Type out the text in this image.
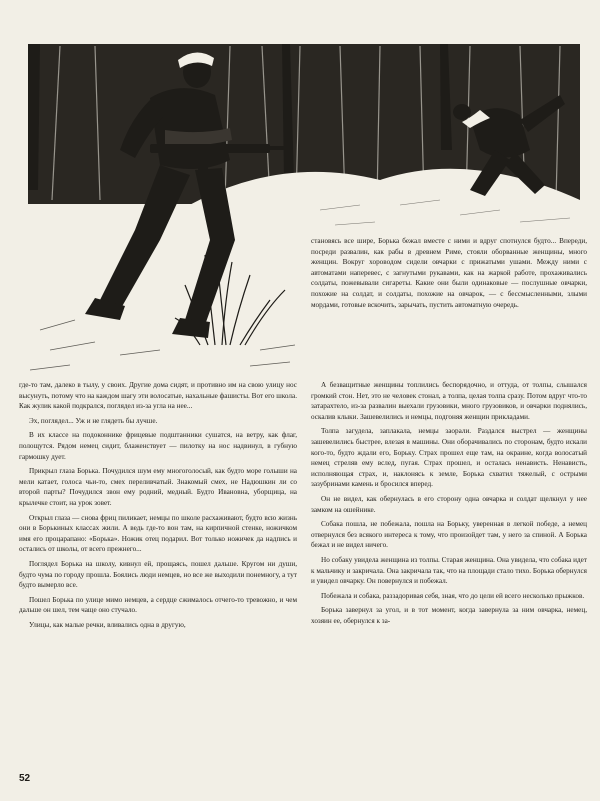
становясь все шире, Борька бежал вместе с ними и вдруг спотнулся будто... Впереди, посреди развалин, как рабы в древнем Риме, стояли оборванные женщины, много женщин. Вокруг хороводом сидели овчарки с прижатыми ушами. Между ними с автоматами наперевес, с загнутыми рукавами, как на жаркой работе, прохаживались солдаты, пожевывали сигареты. Какие они были одинаковые — послушные овчарки, похожие на солдат, и солдаты, похожие на овчарок, — с бессмысленными, злыми мордами, готовые вскочить, зарычать, пустить автоматную очередь.

где-то там, далеко в тылу, у своих. Другие дома сидят, и противно им на свою улицу нос высунуть, потому что на каждом шагу эти волосатые, нахальные фашисты. Вот его школа. Как жулик какой подкрался, поглядел из-за угла на нее...

Эх, поглядел... Уж и не глядеть бы лучше.

В их классе на подоконнике фрицевые подштанники сушатся, на ветру, как флаг, полощутся. Рядом немец сидит, блаженствует — пилотку на нос надвинул, в губную гармошку дует.

Прикрыл глаза Борька. Почудился шум ему многоголосый, как будто море голыши на мели катает, голоса чьи-то, смех переливчатый. Знакомый смех, не Надюшкин ли со второй парты? Почудился звон ему родний, медный. Будто Ивановна, уборщица, на крылечке стоит, на урок зовет.

Открыл глаза — снова фриц пиликает, немцы по школе расхаживают, будто всю жизнь они в Борькиных классах жили. А ведь где-то вон там, на кирпичной стенке, ножичком имя его процарапано: «Борька». Ножик отец подарил. Вот только ножичек да надпись и остались от школы, от всего прежнего...

Поглядел Борька на школу, кивнул ей, прощаясь, пошел дальше. Кругом ни души, будто чума по городу прошла. Боялись люди немцев, но все же выходили понемногу, а тут будто вымерло все.

Пошел Борька по улице мимо немцев, а сердце сжималось отчего-то тревожно, и чем дальше он шел, тем чаще оно стучало.

Улицы, как малые речки, вливались одна в другую,

А безващитные женщины топлились беспорядочно, и оттуда, от толпы, слышался громкий стон. Нет, это не человек стонал, а толпа, целая толпа сразу. Потом вдруг что-то затарахтело, из-за развалин выехали грузовики, много грузовиков, и овчарки поднялись, оскалив клыки. Зашевелились и немцы, подгоняя женщин прикладами.

Толпа загудела, заплакала, немцы заорали. Раздался выстрел — женщины зашевелились быстрее, влезая в машины. Они оборачивались по сторонам, будто искали кого-то, будто ждали его, Борьку. Страх прошел еще там, на окраине, когда волосатый немец стреляв ему вслед, пугая. Страх прошел, и осталась ненависть. Ненависть, исполняющая страх, и, наклонясь к земле, Борька схватил тяжелый, с острыми зазубринами камень и бросился вперед.

Он не видел, как обернулась в его сторону одна овчарка и солдат щелкнул у нее замком на ошейнике.

Собака пошла, не побежала, пошла на Борьку, уверенная в легкой победе, а немец отвернулся без всякого интереса к тому, что произойдет там, у него за спиной. А Борька бежал и не видел ничего.

Но собаку увидела женщина из толпы. Старая женщина. Она увидела, что собака идет к мальчику и закричала. Она закричала так, что на площади стало тихо. Борька обернулся и увидел овчарку. Он повернулся и побежал.

Побежала и собака, раззадоривая себя, зная, что до цели ей всего несколько прыжков.

Борька завернул за угол, и в тот момент, когда завернула за ним овчарка, немец, хозяин ее, обернулся к за-

52
